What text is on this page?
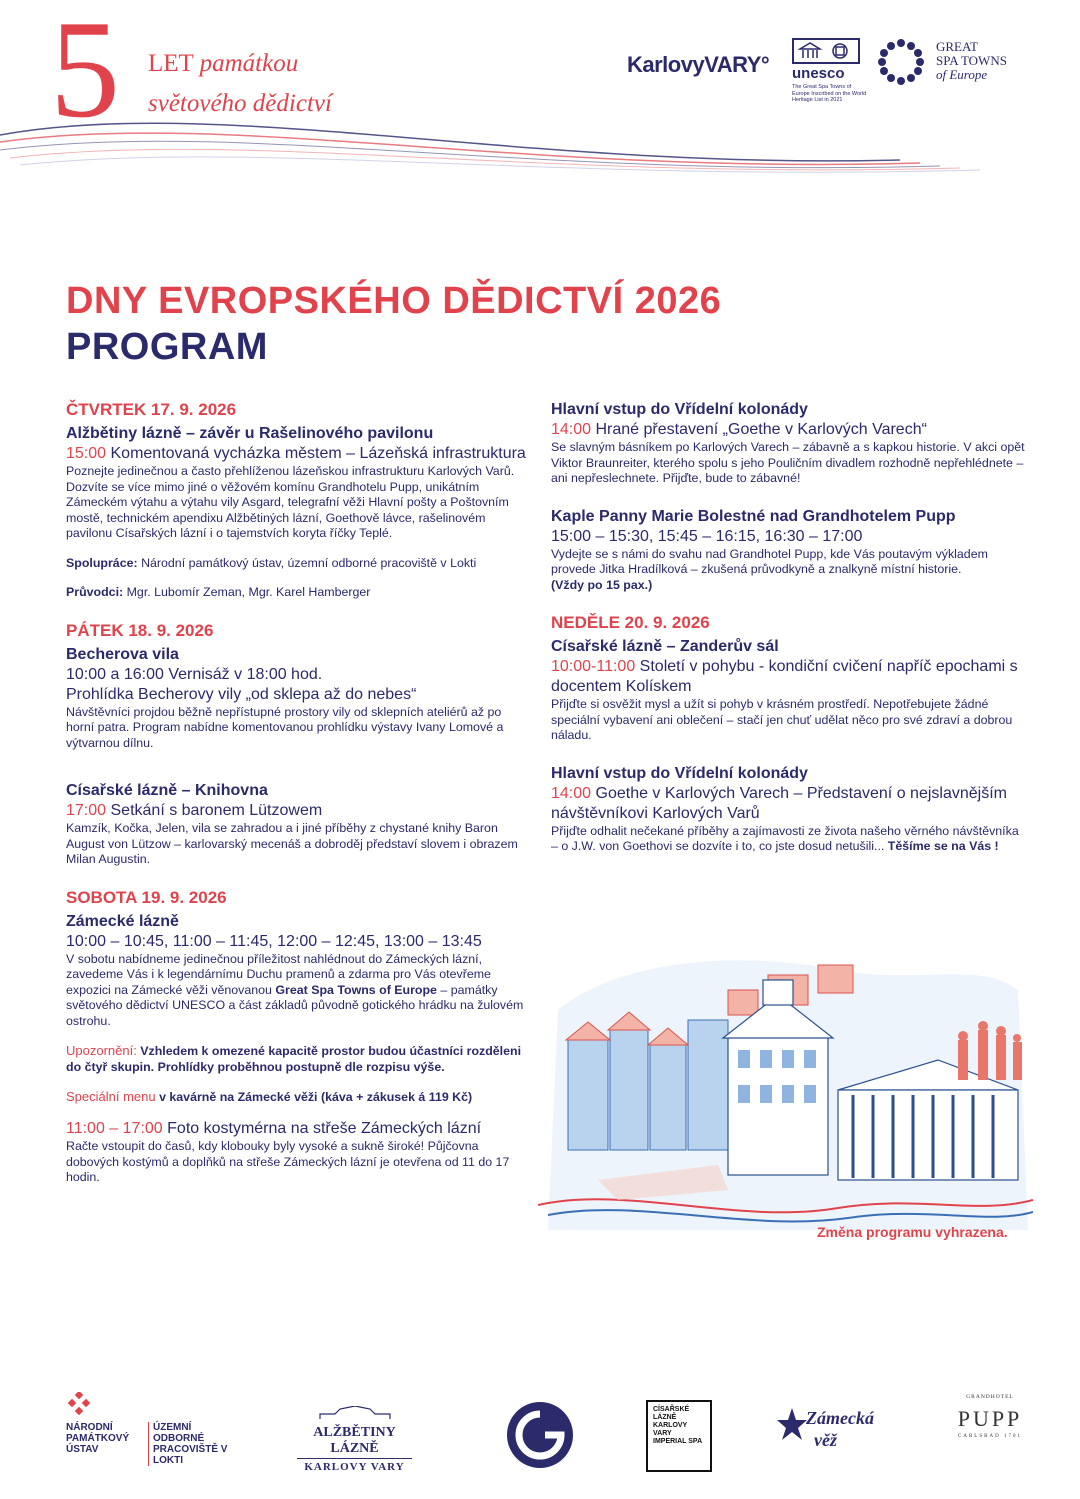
5 LET památkou
světového dědictví
KarlovyVARY° unesco
The Great Spa Towns of Europe Inscribed on the World Heritage List in 2021
GREAT
SPA TOWNS
of Europe
DNY EVROPSKÉHO DĚDICTVÍ 2026
PROGRAM
ČTVRTEK 17. 9. 2026
Alžbětiny lázně – závěr u Rašelinového pavilonu
15:00 Komentovaná vycházka městem – Lázeňská infrastruktura
Poznejte jedinečnou a často přehlíženou lázeňskou infrastrukturu Karlových Varů. Dozvíte se více mimo jiné o věžovém komínu Grandhotelu Pupp, unikátním Zámeckém výtahu a výtahu vily Asgard, telegrafní věži Hlavní pošty a Poštovním mostě, technickém apendixu Alžbětiných lázní, Goethově lávce, rašelinovém pavilonu Císařských lázní i o tajemstvích koryta říčky Teplé.
Spolupráce: Národní památkový ústav, územní odborné pracoviště v Lokti
Průvodci: Mgr. Lubomír Zeman, Mgr. Karel Hamberger
PÁTEK 18. 9. 2026
Becherova vila
10:00 a 16:00 Vernisáž v 18:00 hod.
Prohlídka Becherovy vily „od sklepa až do nebes“
Návštěvníci projdou běžně nepřístupné prostory vily od sklepních ateliérů až po horní patra. Program nabídne komentovanou prohlídku výstavy Ivany Lomové a výtvarnou dílnu.
Císařské lázně – Knihovna
17:00 Setkání s baronem Lützowem
Kamzík, Kočka, Jelen, vila se zahradou a i jiné příběhy z chystané knihy Baron August von Lützow – karlovarský mecenáš a dobroděj představí slovem i obrazem Milan Augustin.
SOBOTA 19. 9. 2026
Zámecké lázně
10:00 – 10:45, 11:00 – 11:45, 12:00 – 12:45, 13:00 – 13:45
V sobotu nabídneme jedinečnou příležitost nahlédnout do Zámeckých lázní, zavedeme Vás i k legendárnímu Duchu pramenů a zdarma pro Vás otevřeme expozici na Zámecké věži věnovanou Great Spa Towns of Europe – památky světového dědictví UNESCO a část základů původně gotického hrádku na žulovém ostrohu.
Upozornění: Vzhledem k omezené kapacitě prostor budou účastníci rozděleni do čtyř skupin. Prohlídky proběhnou postupně dle rozpisu výše.
Speciální menu v kavárně na Zámecké věži (káva + zákusek á 119 Kč)
11:00 – 17:00 Foto kostymérna na střeše Zámeckých lázní
Račte vstoupit do časů, kdy klobouky byly vysoké a sukně široké! Půjčovna dobových kostýmů a doplňků na střeše Zámeckých lázní je otevřena od 11 do 17 hodin.
Hlavní vstup do Vřídelní kolonády
14:00 Hrané přestavení „Goethe v Karlových Varech“
Se slavným básníkem po Karlových Varech – zábavně a s kapkou historie. V akci opět Viktor Braunreiter, kterého spolu s jeho Pouličním divadlem rozhodně nepřehlédnete – ani nepřeslechnete. Přijďte, bude to zábavné!
Kaple Panny Marie Bolestné nad Grandhotelem Pupp
15:00 – 15:30, 15:45 – 16:15, 16:30 – 17:00
Vydejte se s námi do svahu nad Grandhotel Pupp, kde Vás poutavým výkladem provede Jitka Hradílková – zkušená průvodkyně a znalkyně místní historie.
(Vždy po 15 pax.)
NEDĚLE 20. 9. 2026
Císařské lázně – Zanderův sál
10:00-11:00 Století v pohybu - kondiční cvičení napříč epochami s docentem Kolískem
Přijďte si osvěžit mysl a užít si pohyb v krásném prostředí. Nepotřebujete žádné speciální vybavení ani oblečení – stačí jen chuť udělat něco pro své zdraví a dobrou náladu.
Hlavní vstup do Vřídelní kolonády
14:00 Goethe v Karlových Varech – Představení o nejslavnějším návštěvníkovi Karlových Varů
Přijďte odhalit nečekané příběhy a zajímavosti ze života našeho věrného návštěvníka – o J.W. von Goethovi se dozvíte i to, co jste dosud netušili... Těšíme se na Vás !
Změna programu vyhrazena.
NÁRODNÍ PAMÁTKOVÝ ÚSTAV
ÚZEMNÍ ODBORNÉ PRACOVIŠTĚ V LOKTI
ALŽBĚTINY LÁZNĚ
KARLOVY VARY
CÍSAŘSKÉ LÁZNĚ KARLOVY VARY IMPERIAL SPA
Zámecká
věž
GRANDHOTEL
PUPP
CARLSBAD 1701
